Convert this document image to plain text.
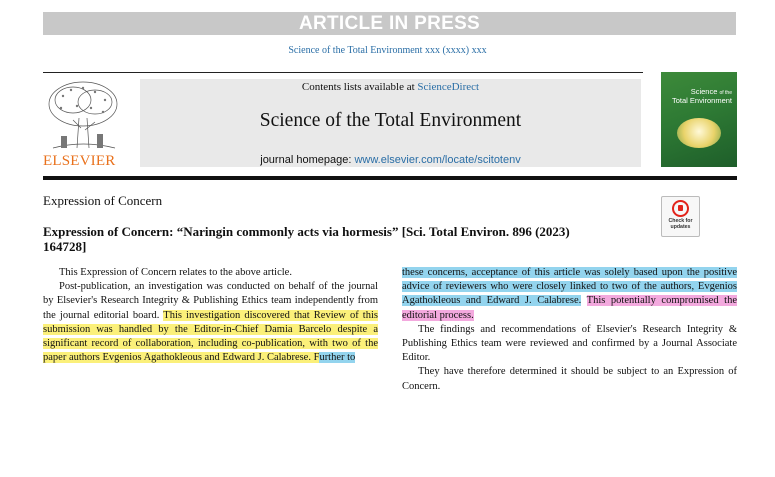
ARTICLE IN PRESS
Science of the Total Environment xxx (xxxx) xxx
ELSEVIER
Contents lists available at ScienceDirect
Science of the Total Environment
journal homepage: www.elsevier.com/locate/scitotenv
Science of the
Total Environment
Expression of Concern
Check for
updates
Expression of Concern: “Naringin commonly acts via hormesis” [Sci. Total Environ. 896 (2023) 164728]

This Expression of Concern relates to the above article.

Post-publication, an investigation was conducted on behalf of the journal by Elsevier's Research Integrity & Publishing Ethics team independently from the journal editorial board. This investigation discovered that Review of this submission was handled by the Editor-in-Chief Damia Barcelo despite a significant record of collaboration, including co-publication, with two of the paper authors Evgenios Agathokleous and Edward J. Calabrese. Further to

these concerns, acceptance of this article was solely based upon the positive advice of reviewers who were closely linked to two of the authors, Evgenios Agathokleous and Edward J. Calabrese. This potentially compromised the editorial process.

The findings and recommendations of Elsevier's Research Integrity & Publishing Ethics team were reviewed and confirmed by a Journal Associate Editor.

They have therefore determined it should be subject to an Expression of Concern.
